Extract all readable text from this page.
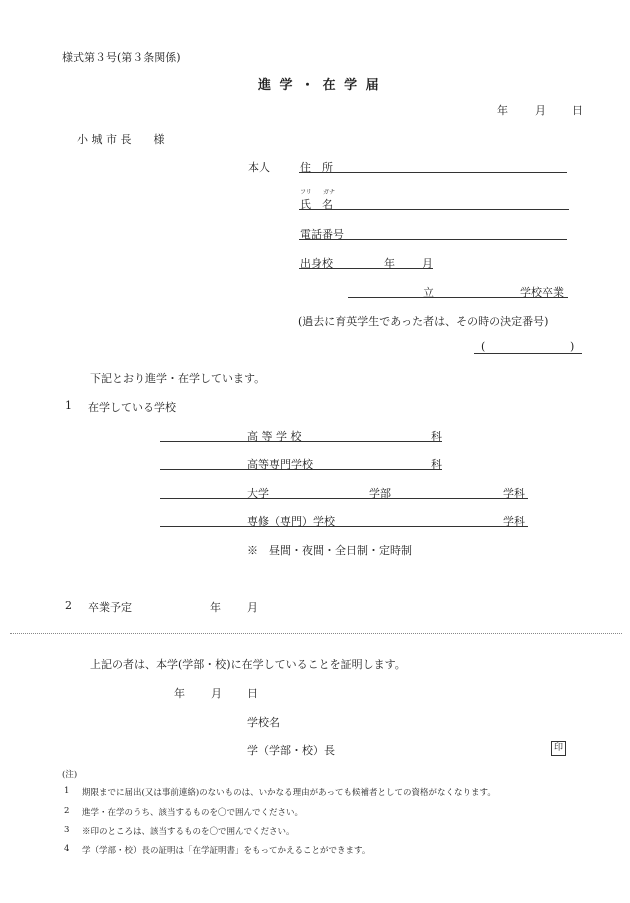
様式第３号(第３条関係)
進 学 ・ 在 学 届
年 月 日
小 城 市 長　　様
本人	住　所
フリ ガナ
氏　名
電話番号
出身校	年 月
立	学校卒業
(過去に育英学生であった者は、その時の決定番号)
(	)
下記とおり進学・在学しています。
1 在学している学校
高 等 学 校	科
高等専門学校	科
大学	学部	学科
専修（専門）学校	学科
※　昼間・夜間・全日制・定時制
2 卒業予定	年 月
上記の者は、本学(学部・校)に在学していることを証明します。
年 月 日
学校名
学（学部・校）長	印
(注)
1 期限までに届出(又は事前連絡)のないものは、いかなる理由があっても候補者としての資格がなくなります。
2 進学・在学のうち、該当するものを〇で囲んでください。
3 ※印のところは、該当するものを〇で囲んでください。
4 学（学部・校）長の証明は「在学証明書」をもってかえることができます。
